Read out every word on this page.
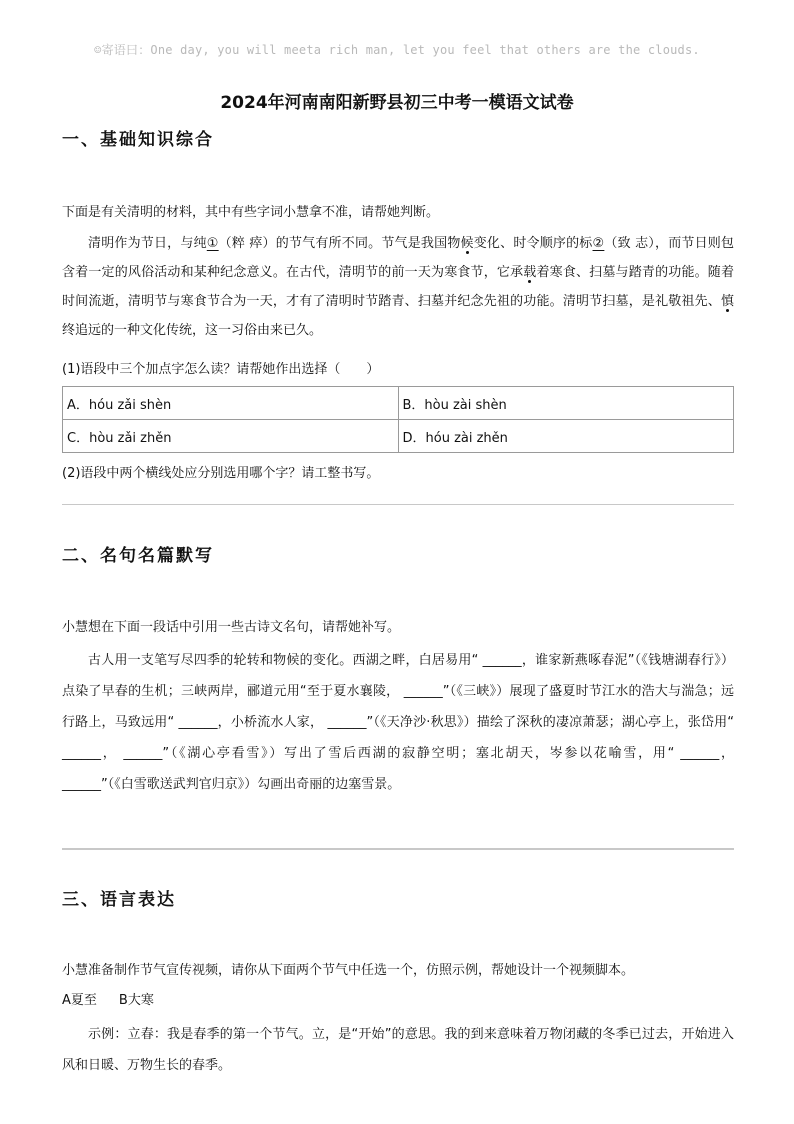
☺寄语曰：One day, you will meeta rich man, let you feel that others are the clouds.
2024年河南南阳新野县初三中考一模语文试卷
一、基础知识综合
下面是有关清明的材料，其中有些字词小慧拿不准，请帮她判断。
清明作为节日，与纯①（粹 瘁）的节气有所不同。节气是我国物候变化、时令顺序的标②（致 志），而节日则包含着一定的风俗活动和某种纪念意义。在古代，清明节的前一天为寒食节，它承载着寒食、扫墓与踏青的功能。随着时间流逝，清明节与寒食节合为一天，才有了清明时节踏青、扫墓并纪念先祖的功能。清明节扫墓，是礼敬祖先、慎终追远的一种文化传统，这一习俗由来已久。
(1)语段中三个加点字怎么读？请帮她作出选择（　　）
A．hóu zǎi shèn	B．hòu zài shèn
C．hòu zǎi zhěn	D．hóu zài zhěn
(2)语段中两个横线处应分别选用哪个字？请工整书写。
二、名句名篇默写
小慧想在下面一段话中引用一些古诗文名句，请帮她补写。
古人用一支笔写尽四季的轮转和物候的变化。西湖之畔，白居易用“ ______，谁家新燕啄春泥”（《钱塘湖春行》）点染了早春的生机；三峡两岸，郦道元用“至于夏水襄陵， ______”（《三峡》）展现了盛夏时节江水的浩大与湍急；远行路上，马致远用“ ______，小桥流水人家， ______”（《天净沙·秋思》）描绘了深秋的凄凉萧瑟；湖心亭上，张岱用“ ______， ______”（《湖心亭看雪》）写出了雪后西湖的寂静空明；塞北胡天，岑参以花喻雪，用“ ______， ______”（《白雪歌送武判官归京》）勾画出奇丽的边塞雪景。
三、语言表达
小慧准备制作节气宣传视频，请你从下面两个节气中任选一个，仿照示例，帮她设计一个视频脚本。
A夏至 B大寒
示例：立春：我是春季的第一个节气。立，是“开始”的意思。我的到来意味着万物闭藏的冬季已过去，开始进入风和日暖、万物生长的春季。
